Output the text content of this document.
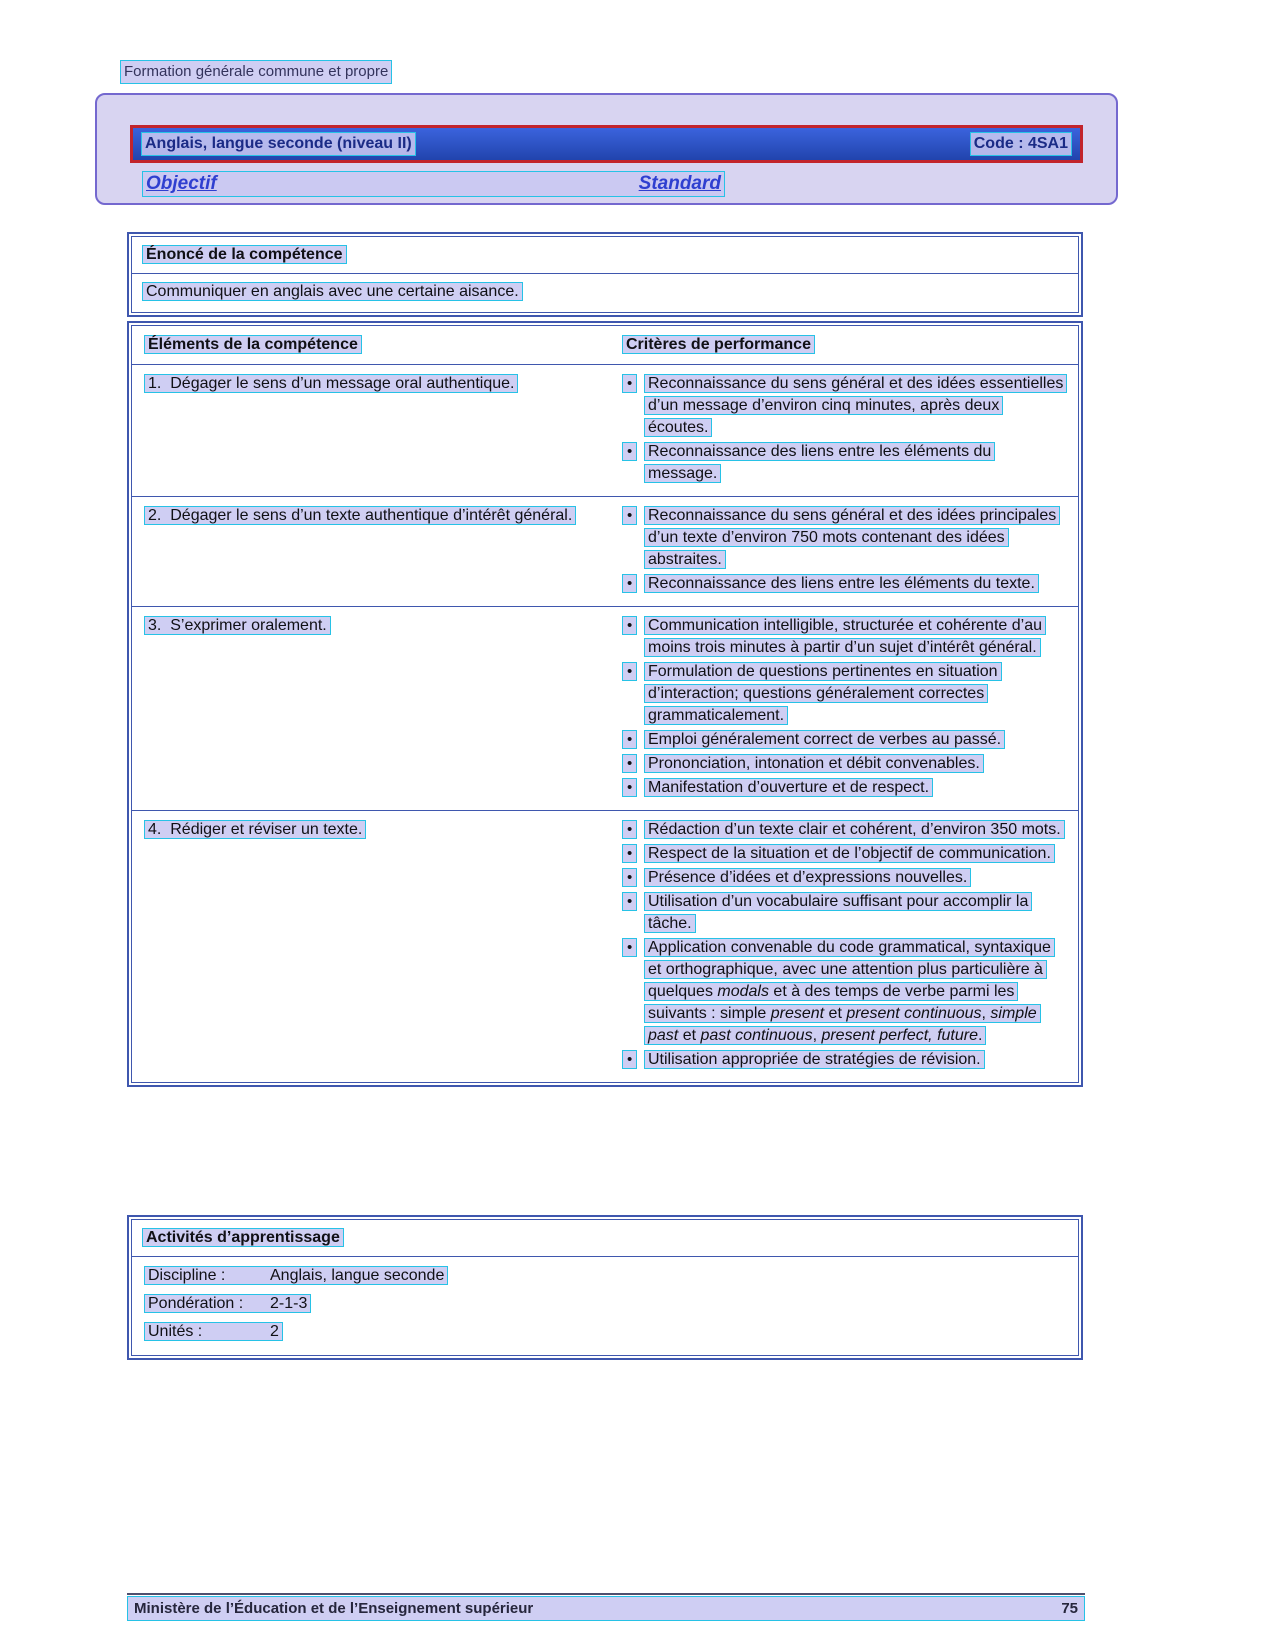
Formation générale commune et propre
Anglais, langue seconde (niveau II)	Code : 4SA1
Objectif	Standard
Énoncé de la compétence
Communiquer en anglais avec une certaine aisance.
Éléments de la compétence	Critères de performance
1.  Dégager le sens d’un message oral authentique.	• Reconnaissance du sens général et des idées essentielles d’un message d’environ cinq minutes, après deux écoutes.
• Reconnaissance des liens entre les éléments du message.
2.  Dégager le sens d’un texte authentique d’intérêt général.	• Reconnaissance du sens général et des idées principales d’un texte d’environ 750 mots contenant des idées abstraites.
• Reconnaissance des liens entre les éléments du texte.
3.  S’exprimer oralement.	• Communication intelligible, structurée et cohérente d’au moins trois minutes à partir d’un sujet d’intérêt général.
• Formulation de questions pertinentes en situation d’interaction; questions généralement correctes grammaticalement.
• Emploi généralement correct de verbes au passé.
• Prononciation, intonation et débit convenables.
• Manifestation d’ouverture et de respect.
4.  Rédiger et réviser un texte.	• Rédaction d’un texte clair et cohérent, d’environ 350 mots.
• Respect de la situation et de l’objectif de communication.
• Présence d’idées et d’expressions nouvelles.
• Utilisation d’un vocabulaire suffisant pour accomplir la tâche.
• Application convenable du code grammatical, syntaxique et orthographique, avec une attention plus particulière à quelques modals et à des temps de verbe parmi les suivants : simple present et present continuous, simple past et past continuous, present perfect, future.
• Utilisation appropriée de stratégies de révision.
Activités d’apprentissage
Discipline :	Anglais, langue seconde
Pondération : 2-1-3
Unités :	2
Ministère de l’Éducation et de l’Enseignement supérieur	75
